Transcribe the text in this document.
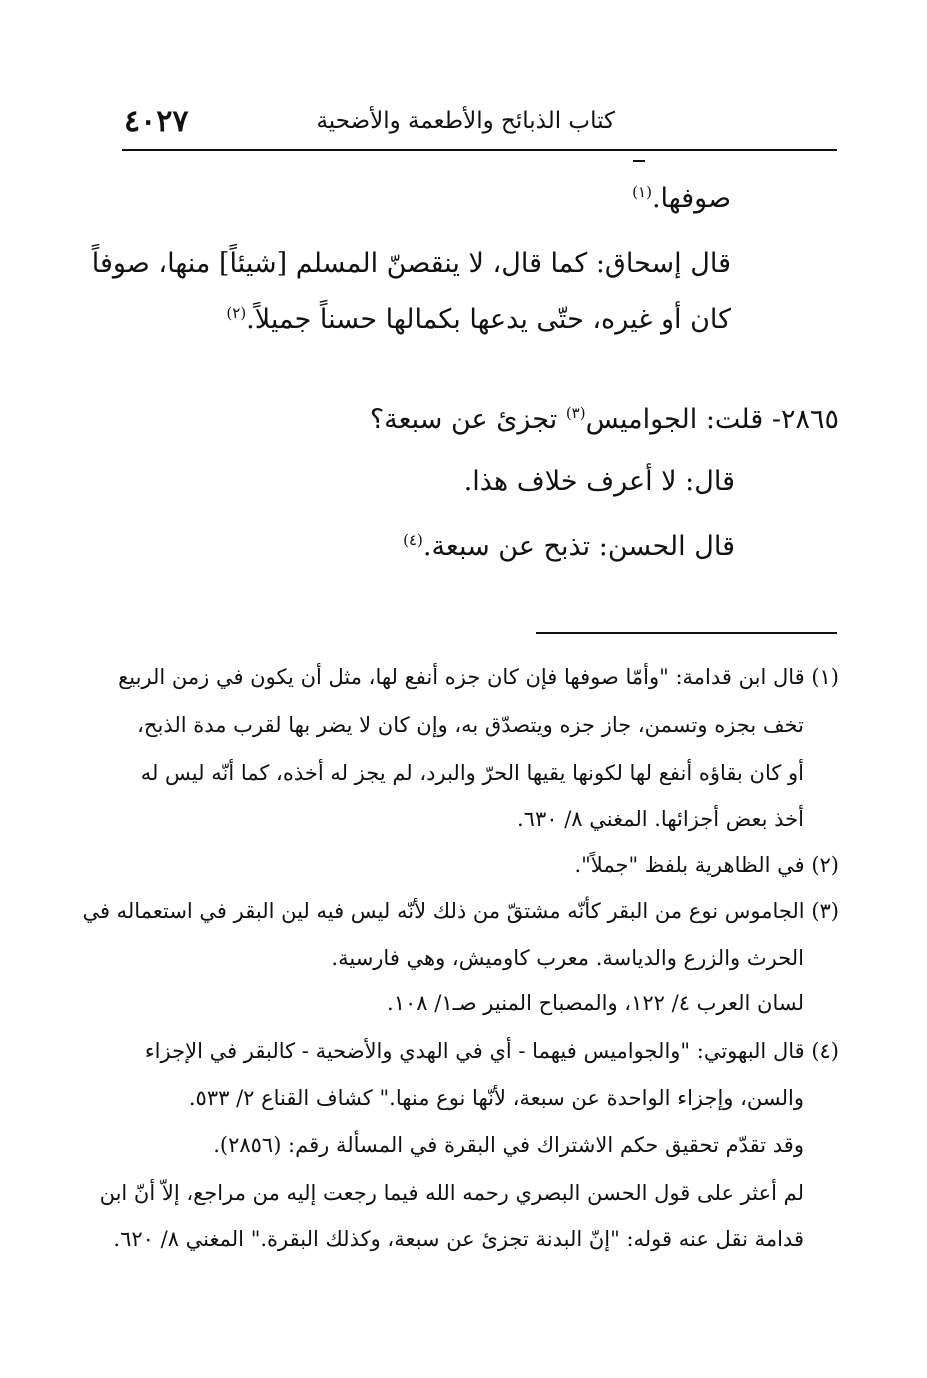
كتاب الذبائح والأطعمة والأضحية
٤٠٢٧
صوفها.$^{(١)}$
قال إسحاق: كما قال، لا ينقصنّ المسلم [شيئاً] منها، صوفاً
كان أو غيره، حتّى يدعها بكمالها حسناً جميلاً.$^{(٢)}$
٢٨٦٥- قلت: الجواميس$^{(٣)}$ تجزئ عن سبعة؟
قال: لا أعرف خلاف هذا.
قال الحسن: تذبح عن سبعة.$^{(٤)}$
(١) قال ابن قدامة: "وأمّا صوفها فإن كان جزه أنفع لها، مثل أن يكون في زمن الربيع
تخف بجزه وتسمن، جاز جزه ويتصدّق به، وإن كان لا يضر بها لقرب مدة الذبح،
أو كان بقاؤه أنفع لها لكونها يقيها الحرّ والبرد، لم يجز له أخذه، كما أنّه ليس له
أخذ بعض أجزائها. المغني ٨/ ٦٣٠.
(٢) في الظاهرية بلفظ "جملاً".
(٣) الجاموس نوع من البقر كأنّه مشتقّ من ذلك لأنّه ليس فيه لين البقر في استعماله في
الحرث والزرع والدياسة. معرب كاوميش، وهي فارسية.
لسان العرب ٤/ ١٢٢، والمصباح المنير صـ١/ ١٠٨.
(٤) قال البهوتي: "والجواميس فيهما - أي في الهدي والأضحية - كالبقر في الإجزاء
والسن، وإجزاء الواحدة عن سبعة، لأنّها نوع منها." كشاف القناع ٢/ ٥٣٣.
وقد تقدّم تحقيق حكم الاشتراك في البقرة في المسألة رقم: (٢٨٥٦).
لم أعثر على قول الحسن البصري رحمه الله فيما رجعت إليه من مراجع، إلاّ أنّ ابن
قدامة نقل عنه قوله: "إنّ البدنة تجزئ عن سبعة، وكذلك البقرة." المغني ٨/ ٦٢٠.
